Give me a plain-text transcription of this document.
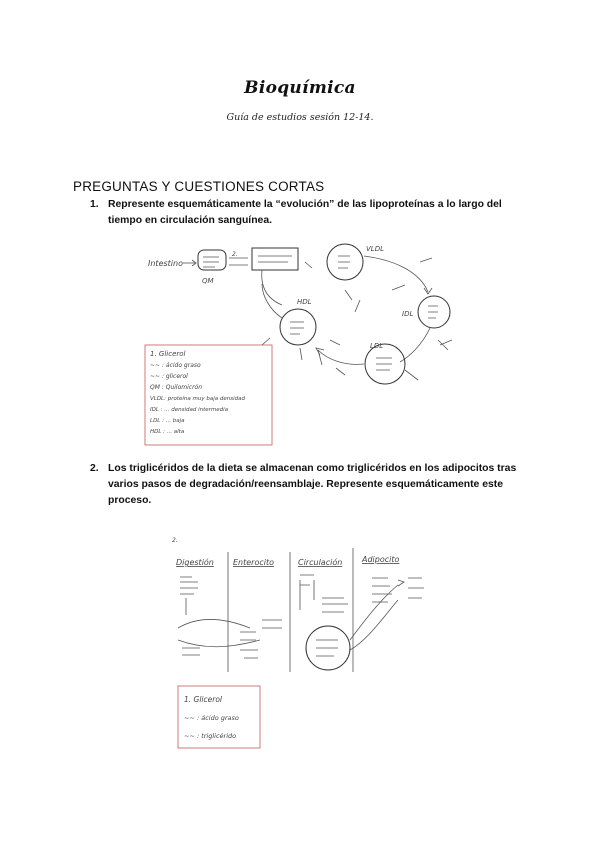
Bioquímica
Guía de estudios sesión 12-14.
PREGUNTAS Y CUESTIONES CORTAS
1. Represente esquemáticamente la “evolución” de las lipoproteínas a lo largo del tiempo en circulación sanguínea.
2. Los triglicéridos de la dieta se almacenan como triglicéridos en los adipocitos tras varios pasos de degradación/reensamblaje. Represente esquemáticamente este proceso.
Intestino
QM
2.
VLDL
IDL
LDL
HDL
1. Glicerol
~~ : ácido graso
~~ : glicerol
QM : Quilomicrón
VLDL: proteína muy baja densidad
IDL : ... densidad intermedia
LDL : ... baja
HDL : ... alta
2.
Digestión Enterocito	Circulación Adipocito
1. Glicerol
~~ : ácido graso
~~ : triglicérido
